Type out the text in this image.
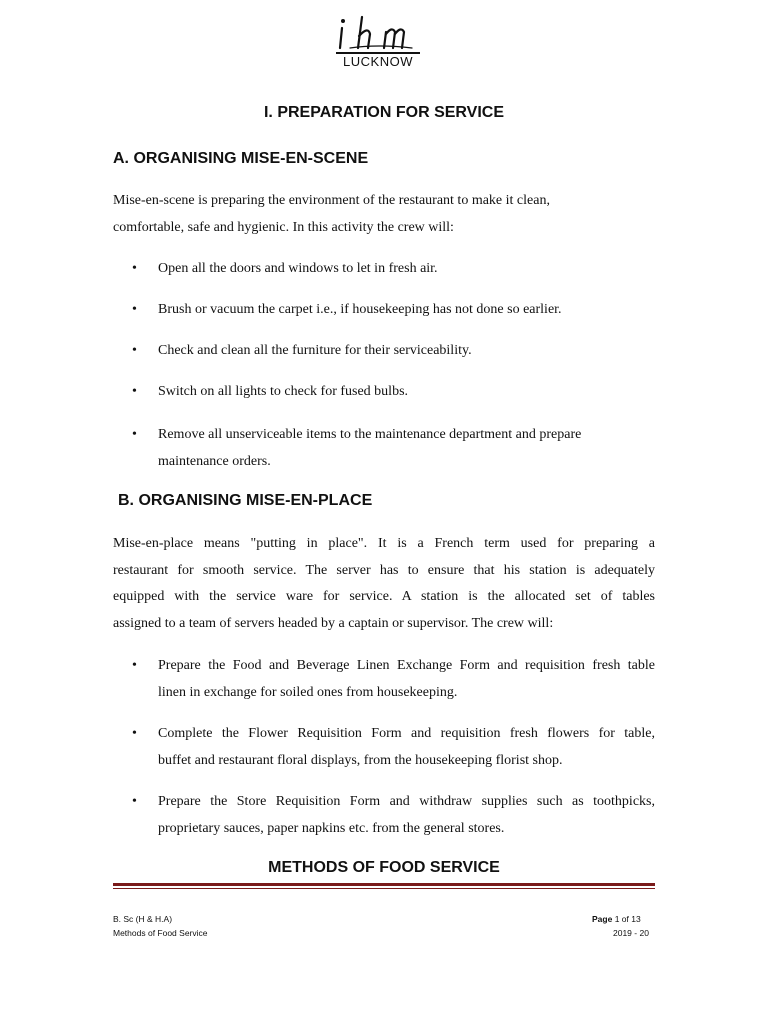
LUCKNOW
I. PREPARATION FOR SERVICE
A. ORGANISING MISE-EN-SCENE
Mise-en-scene is preparing the environment of the restaurant to make it clean,
comfortable, safe and hygienic. In this activity the crew will:
• Open all the doors and windows to let in fresh air.
• Brush or vacuum the carpet i.e., if housekeeping has not done so earlier.
• Check and clean all the furniture for their serviceability.
• Switch on all lights to check for fused bulbs.
• Remove all unserviceable items to the maintenance department and prepare
maintenance orders.
B. ORGANISING MISE-EN-PLACE
Mise-en-place means "putting in place". It is a French term used for preparing a
restaurant for smooth service. The server has to ensure that his station is adequately
equipped with the service ware for service. A station is the allocated set of tables
assigned to a team of servers headed by a captain or supervisor. The crew will:
• Prepare the Food and Beverage Linen Exchange Form and requisition fresh table
linen in exchange for soiled ones from housekeeping.
• Complete the Flower Requisition Form and requisition fresh flowers for table,
buffet and restaurant floral displays, from the housekeeping florist shop.
• Prepare the Store Requisition Form and withdraw supplies such as toothpicks,
proprietary sauces, paper napkins etc. from the general stores.
METHODS OF FOOD SERVICE
B. Sc (H & H.A)
Methods of Food Service
Page 1 of 13
2019 - 20
